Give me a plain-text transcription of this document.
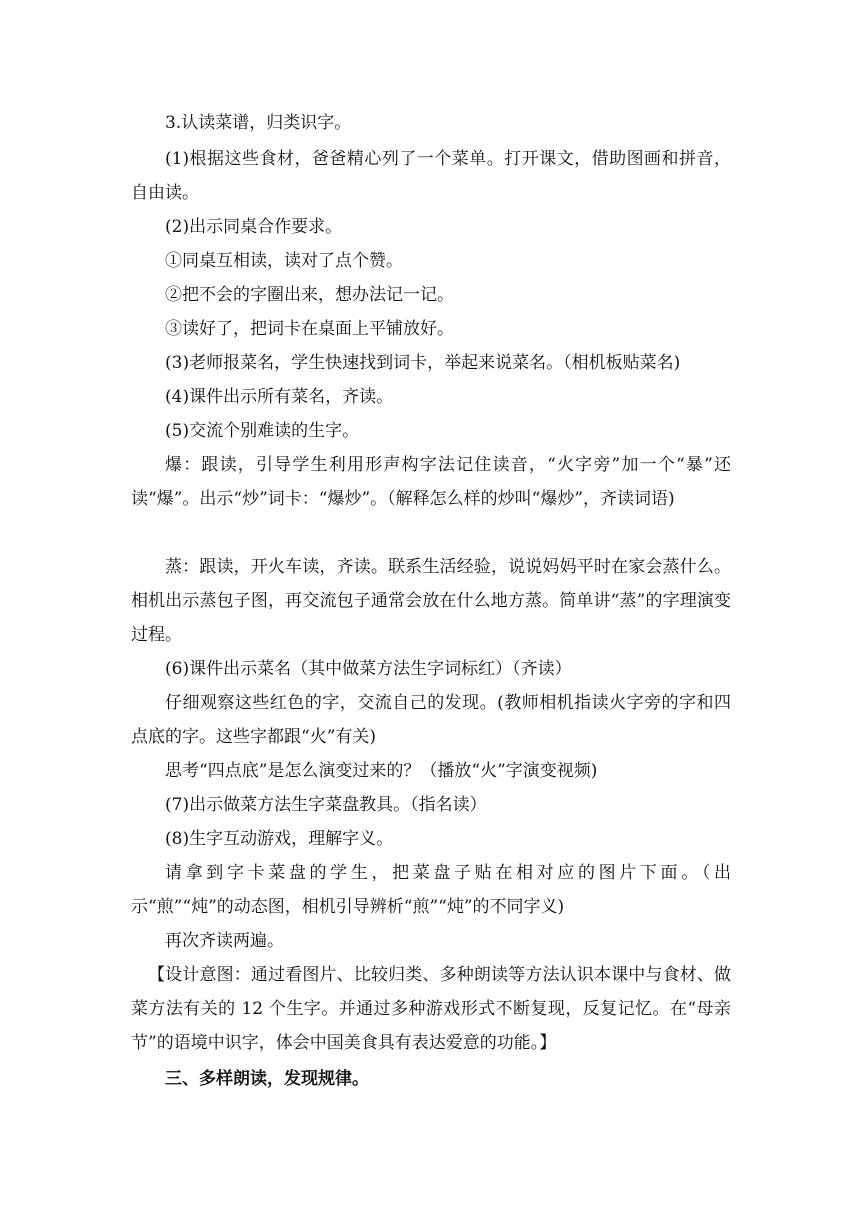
3.认读菜谱，归类识字。

(1)根据这些食材，爸爸精心列了一个菜单。打开课文，借助图画和拼音，自由读。

(2)出示同桌合作要求。

①同桌互相读，读对了点个赞。

②把不会的字圈出来，想办法记一记。

③读好了，把词卡在桌面上平铺放好。

(3)老师报菜名，学生快速找到词卡，举起来说菜名。（相机板贴菜名)

(4)课件出示所有菜名，齐读。

(5)交流个别难读的生字。

爆：跟读，引导学生利用形声构字法记住读音，“火字旁”加一个“暴”还读“爆”。出示“炒”词卡：“爆炒”。（解释怎么样的炒叫“爆炒”，齐读词语)

蒸：跟读，开火车读，齐读。联系生活经验，说说妈妈平时在家会蒸什么。相机出示蒸包子图，再交流包子通常会放在什么地方蒸。简单讲“蒸”的字理演变过程。

(6)课件出示菜名（其中做菜方法生字词标红）（齐读）

仔细观察这些红色的字，交流自己的发现。(教师相机指读火字旁的字和四点底的字。这些字都跟“火”有关)

思考“四点底”是怎么演变过来的？（播放“火”字演变视频)

(7)出示做菜方法生字菜盘教具。（指名读）

(8)生字互动游戏，理解字义。

请拿到字卡菜盘的学生，把菜盘子贴在相对应的图片下面。（出示“煎”“炖”的动态图，相机引导辨析“煎”“炖”的不同字义)

再次齐读两遍。

【设计意图：通过看图片、比较归类、多种朗读等方法认识本课中与食材、做菜方法有关的 12 个生字。并通过多种游戏形式不断复现，反复记忆。在“母亲节”的语境中识字，体会中国美食具有表达爱意的功能。】

三、多样朗读，发现规律。
